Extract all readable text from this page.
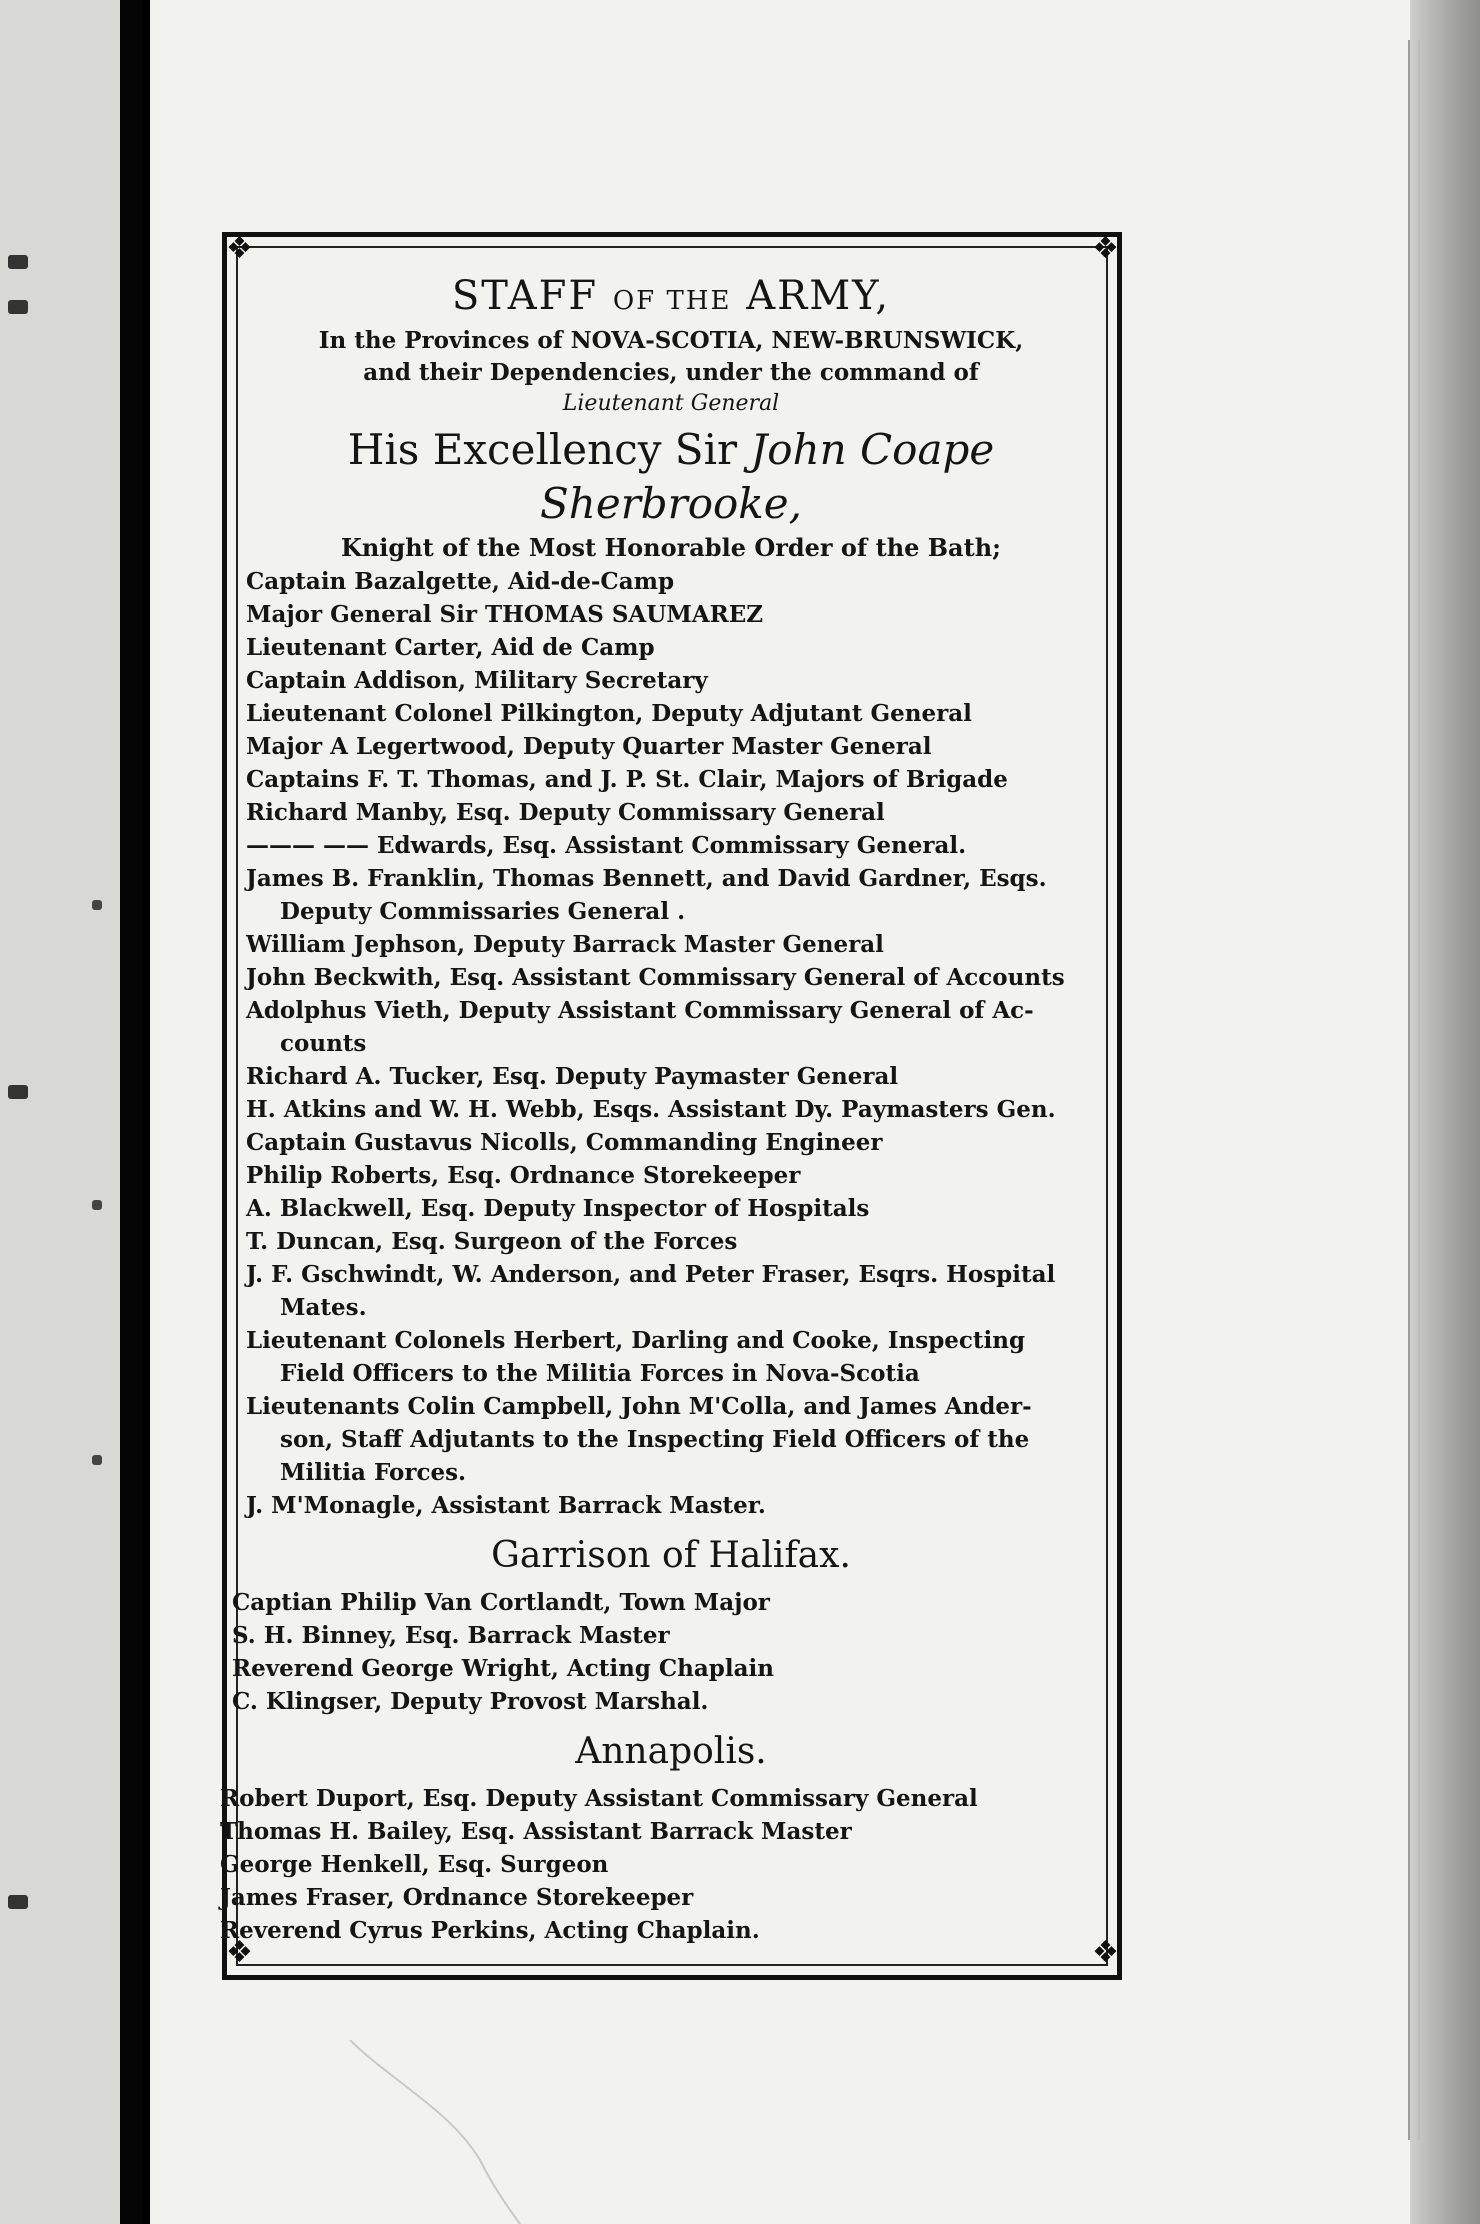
❖	❖
❖	❖
STAFF OF THE ARMY,
In the Provinces of NOVA-SCOTIA, NEW-BRUNSWICK,
and their Dependencies, under the command of
Lieutenant General
His Excellency Sir John Coape Sherbrooke,
Knight of the Most Honorable Order of the Bath;
Captain Bazalgette, Aid-de-Camp
Major General Sir THOMAS SAUMAREZ
Lieutenant Carter, Aid de Camp
Captain Addison, Military Secretary
Lieutenant Colonel Pilkington, Deputy Adjutant General
Major A Legertwood, Deputy Quarter Master General
Captains F. T. Thomas, and J. P. St. Clair, Majors of Brigade
Richard Manby, Esq. Deputy Commissary General
——— —— Edwards, Esq. Assistant Commissary General.
James B. Franklin, Thomas Bennett, and David Gardner, Esqs.
Deputy Commissaries General .
William Jephson, Deputy Barrack Master General
John Beckwith, Esq. Assistant Commissary General of Accounts
Adolphus Vieth, Deputy Assistant Commissary General of Ac-
counts
Richard A. Tucker, Esq. Deputy Paymaster General
H. Atkins and W. H. Webb, Esqs. Assistant Dy. Paymasters Gen.
Captain Gustavus Nicolls, Commanding Engineer
Philip Roberts, Esq. Ordnance Storekeeper
A. Blackwell, Esq. Deputy Inspector of Hospitals
T. Duncan, Esq. Surgeon of the Forces
J. F. Gschwindt, W. Anderson, and Peter Fraser, Esqrs. Hospital
Mates.
Lieutenant Colonels Herbert, Darling and Cooke, Inspecting
Field Officers to the Militia Forces in Nova-Scotia
Lieutenants Colin Campbell, John M'Colla, and James Ander-
son, Staff Adjutants to the Inspecting Field Officers of the
Militia Forces.
J. M'Monagle, Assistant Barrack Master.
Garrison of Halifax.
Captian Philip Van Cortlandt, Town Major
S. H. Binney, Esq. Barrack Master
Reverend George Wright, Acting Chaplain
C. Klingser, Deputy Provost Marshal.
Annapolis.
Robert Duport, Esq. Deputy Assistant Commissary General
Thomas H. Bailey, Esq. Assistant Barrack Master
George Henkell, Esq. Surgeon
James Fraser, Ordnance Storekeeper
Reverend Cyrus Perkins, Acting Chaplain.
